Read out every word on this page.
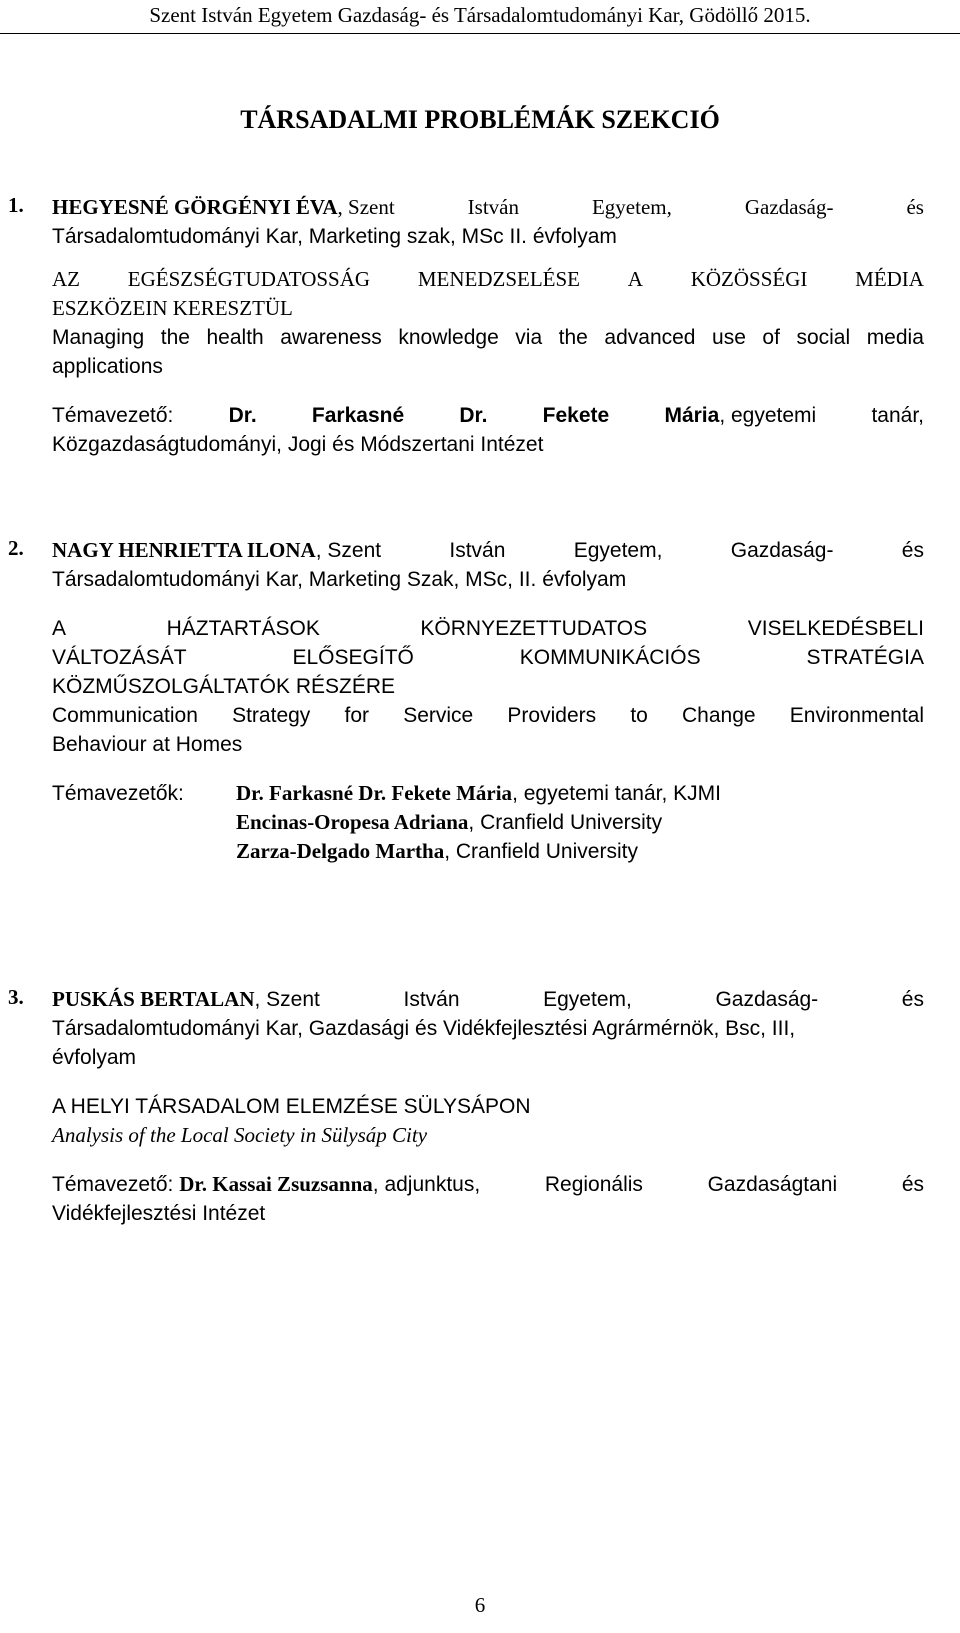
Szent István Egyetem Gazdaság- és Társadalomtudományi Kar, Gödöllő 2015.
TÁRSADALMI PROBLÉMÁK SZEKCIÓ
1. HEGYESNÉ GÖRGÉNYI ÉVA, Szent	István	Egyetem,	Gazdaság-	és
Társadalomtudományi Kar, Marketing szak, MSc II. évfolyam
AZ EGÉSZSÉGTUDATOSSÁG MENEDZSELÉSE A KÖZÖSSÉGI MÉDIA
ESZKÖZEIN KERESZTÜL
Managing the health awareness knowledge via the advanced use of social media
applications
Témavezető:	Dr.	Farkasné	Dr.	Fekete	Mária, egyetemi	tanár,
Közgazdaságtudományi, Jogi és Módszertani Intézet
2. NAGY HENRIETTA ILONA, Szent	István	Egyetem,	Gazdaság-	és
Társadalomtudományi Kar, Marketing Szak, MSc, II. évfolyam
A	HÁZTARTÁSOK	KÖRNYEZETTUDATOS	VISELKEDÉSBELI
VÁLTOZÁSÁT	ELŐSEGÍTŐ	KOMMUNIKÁCIÓS	STRATÉGIA
KÖZMŰSZOLGÁLTATÓK RÉSZÉRE
Communication Strategy for Service Providers to Change Environmental
Behaviour at Homes
Témavezetők:	Dr. Farkasné Dr. Fekete Mária, egyetemi tanár, KJMI
Encinas-Oropesa Adriana, Cranfield University
Zarza-Delgado Martha, Cranfield University
3. PUSKÁS BERTALAN, Szent	István	Egyetem,	Gazdaság-	és
Társadalomtudományi Kar, Gazdasági és Vidékfejlesztési Agrármérnök, Bsc, III,
évfolyam
A HELYI TÁRSADALOM ELEMZÉSE SÜLYSÁPON
Analysis of the Local Society in Sülysáp City
Témavezető: Dr. Kassai Zsuzsanna, adjunktus,	Regionális	Gazdaságtani	és
Vidékfejlesztési Intézet
6
